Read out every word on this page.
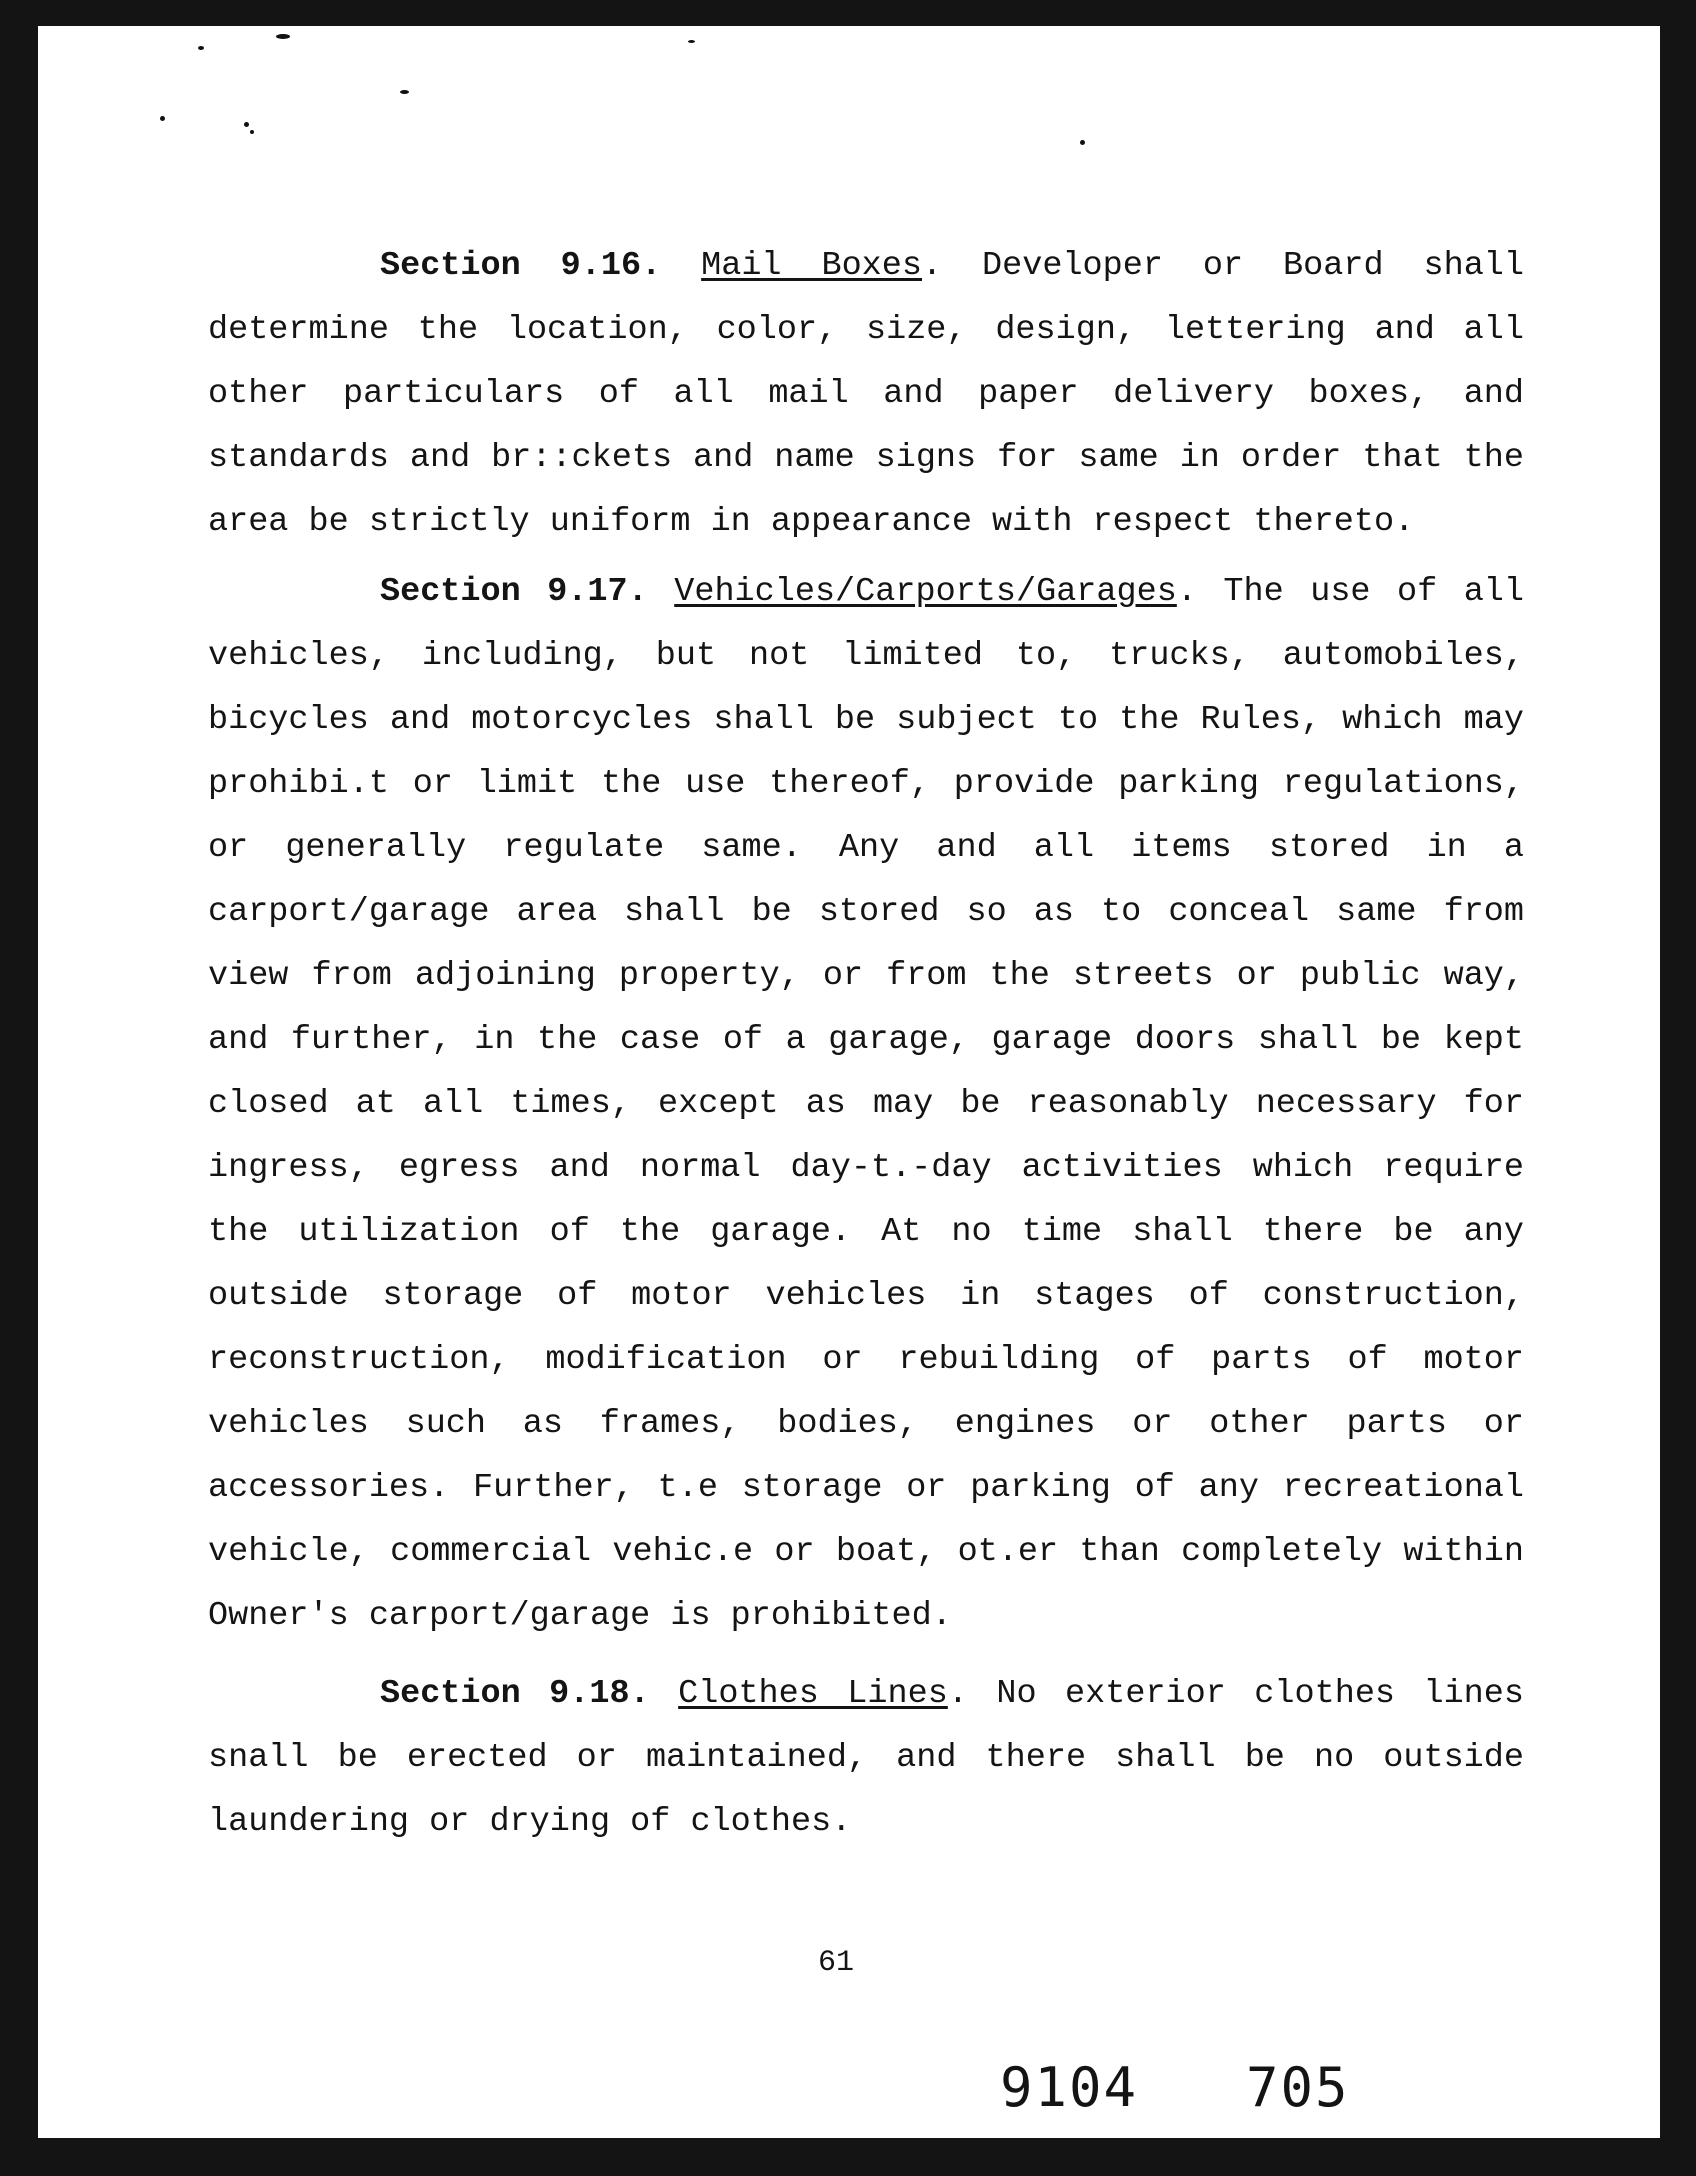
Section 9.16. Mail Boxes. Developer or Board shall determine the location, color, size, design, lettering and all other particulars of all mail and paper delivery boxes, and standards and br::ckets and name signs for same in order that the area be strictly uniform in appearance with respect thereto.
Section 9.17. Vehicles/Carports/Garages. The use of all vehicles, including, but not limited to, trucks, automobiles, bicycles and motorcycles shall be subject to the Rules, which may prohibi.t or limit the use thereof, provide parking regulations, or generally regulate same. Any and all items stored in a carport/garage area shall be stored so as to conceal same from view from adjoining property, or from the streets or public way, and further, in the case of a garage, garage doors shall be kept closed at all times, except as may be reasonably necessary for ingress, egress and normal day-t.-day activities which require the utilization of the garage. At no time shall there be any outside storage of motor vehicles in stages of construction, reconstruction, modification or rebuilding of parts of motor vehicles such as frames, bodies, engines or other parts or accessories. Further, t.e storage or parking of any recreational vehicle, commercial vehic.e or boat, ot.er than completely within Owner's carport/garage is prohibited.
Section 9.18. Clothes Lines. No exterior clothes lines snall be erected or maintained, and there shall be no outside laundering or drying of clothes.
61
9104 705
